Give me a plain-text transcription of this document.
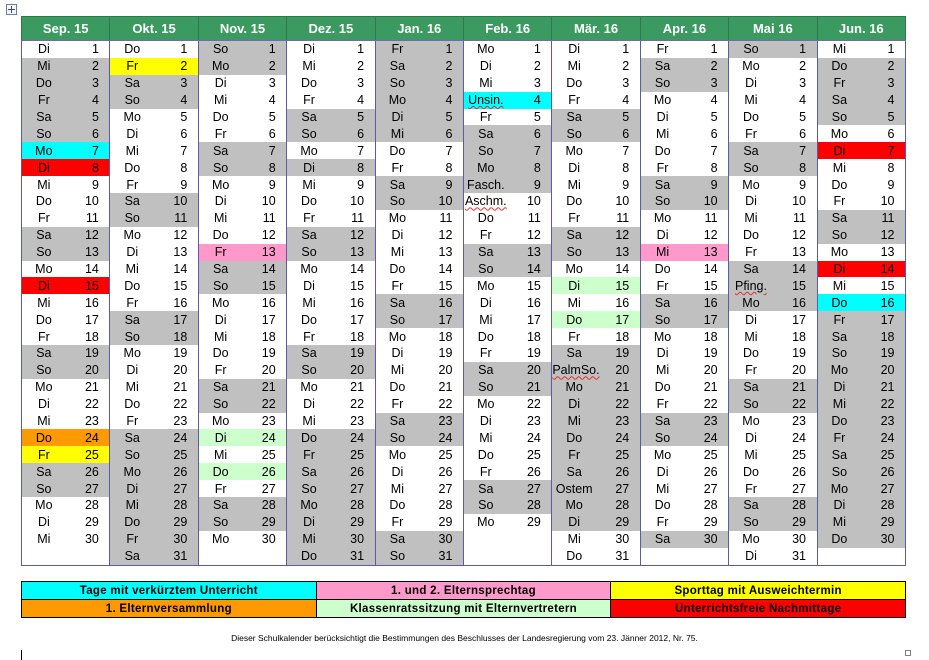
Sep. 15	Okt. 15	Nov. 15	Dez. 15	Jan. 16	Feb. 16	Mär. 16	Apr. 16	Mai 16	Jun. 16

Di 1	Do 1	So 1	Di 1	Fr 1	Mo 1	Di 1	Fr 1	So 1	Mi 1

Mi 2	Fr 2	Mo 2	Mi 2	Sa 2	Di 2	Mi 2	Sa 2	Mo 2	Do 2

Do 3	Sa 3	Di 3	Do 3	So 3	Mi 3	Do 3	So 3	Di 3	Fr 3

Fr 4	So 4	Mi 4	Fr 4	Mo 4	Unsin. 4	Fr 4	Mo 4	Mi 4	Sa 4

Sa 5	Mo 5	Do 5	Sa 5	Di 5	Fr 5	Sa 5	Di 5	Do 5	So 5

So 6	Di 6	Fr 6	So 6	Mi 6	Sa 6	So 6	Mi 6	Fr 6	Mo 6

Mo 7	Mi 7	Sa 7	Mo 7	Do 7	So 7	Mo 7	Do 7	Sa 7	Di 7

Di 8	Do 8	So 8	Di 8	Fr 8	Mo 8	Di 8	Fr 8	So 8	Mi 8

Mi 9	Fr 9	Mo 9	Mi 9	Sa 9	Fasch. 9	Mi 9	Sa 9	Mo 9	Do 9

Do 10	Sa 10	Di 10	Do 10	So 10	Aschm. 10	Do 10	So 10	Di 10	Fr 10

Fr 11	So 11	Mi 11	Fr 11	Mo 11	Do 11	Fr 11	Mo 11	Mi 11	Sa 11

Sa 12	Mo 12	Do 12	Sa 12	Di 12	Fr 12	Sa 12	Di 12	Do 12	So 12

So 13	Di 13	Fr 13	So 13	Mi 13	Sa 13	So 13	Mi 13	Fr 13	Mo 13

Mo 14	Mi 14	Sa 14	Mo 14	Do 14	So 14	Mo 14	Do 14	Sa 14	Di 14

Di 15	Do 15	So 15	Di 15	Fr 15	Mo 15	Di 15	Fr 15	Pfing. 15	Mi 15

Mi 16	Fr 16	Mo 16	Mi 16	Sa 16	Di 16	Mi 16	Sa 16	Mo 16	Do 16

Do 17	Sa 17	Di 17	Do 17	So 17	Mi 17	Do 17	So 17	Di 17	Fr 17

Fr 18	So 18	Mi 18	Fr 18	Mo 18	Do 18	Fr 18	Mo 18	Mi 18	Sa 18

Sa 19	Mo 19	Do 19	Sa 19	Di 19	Fr 19	Sa 19	Di 19	Do 19	So 19

So 20	Di 20	Fr 20	So 20	Mi 20	Sa 20	PalmSo. 20	Mi 20	Fr 20	Mo 20

Mo 21	Mi 21	Sa 21	Mo 21	Do 21	So 21	Mo 21	Do 21	Sa 21	Di 21

Di 22	Do 22	So 22	Di 22	Fr 22	Mo 22	Di 22	Fr 22	So 22	Mi 22

Mi 23	Fr 23	Mo 23	Mi 23	Sa 23	Di 23	Mi 23	Sa 23	Mo 23	Do 23

Do 24	Sa 24	Di 24	Do 24	So 24	Mi 24	Do 24	So 24	Di 24	Fr 24

Fr 25	So 25	Mi 25	Fr 25	Mo 25	Do 25	Fr 25	Mo 25	Mi 25	Sa 25

Sa 26	Mo 26	Do 26	Sa 26	Di 26	Fr 26	Sa 26	Di 26	Do 26	So 26

So 27	Di 27	Fr 27	So 27	Mi 27	Sa 27	Ostem 27	Mi 27	Fr 27	Mo 27

Mo 28	Mi 28	Sa 28	Mo 28	Do 28	So 28	Mo 28	Do 28	Sa 28	Di 28

Di 29	Do 29	So 29	Di 29	Fr 29	Mo 29	Di 29	Fr 29	So 29	Mi 29

Mi 30	Fr 30	Mo 30	Mi 30	Sa 30		Mi 30	Sa 30	Mo 30	Do 30

	Sa 31		Do 31	So 31		Do 31		Di 31	

Tage mit verkürztem Unterricht	1. und 2. Elternsprechtag	Sporttag mit Ausweichtermin
1. Elternversammlung	Klassenratssitzung mit Elternvertretern	Unterrichtsfreie Nachmittage
Dieser Schulkalender berücksichtigt die Bestimmungen des Beschlusses der Landesregierung vom 23. Jänner 2012, Nr. 75.
